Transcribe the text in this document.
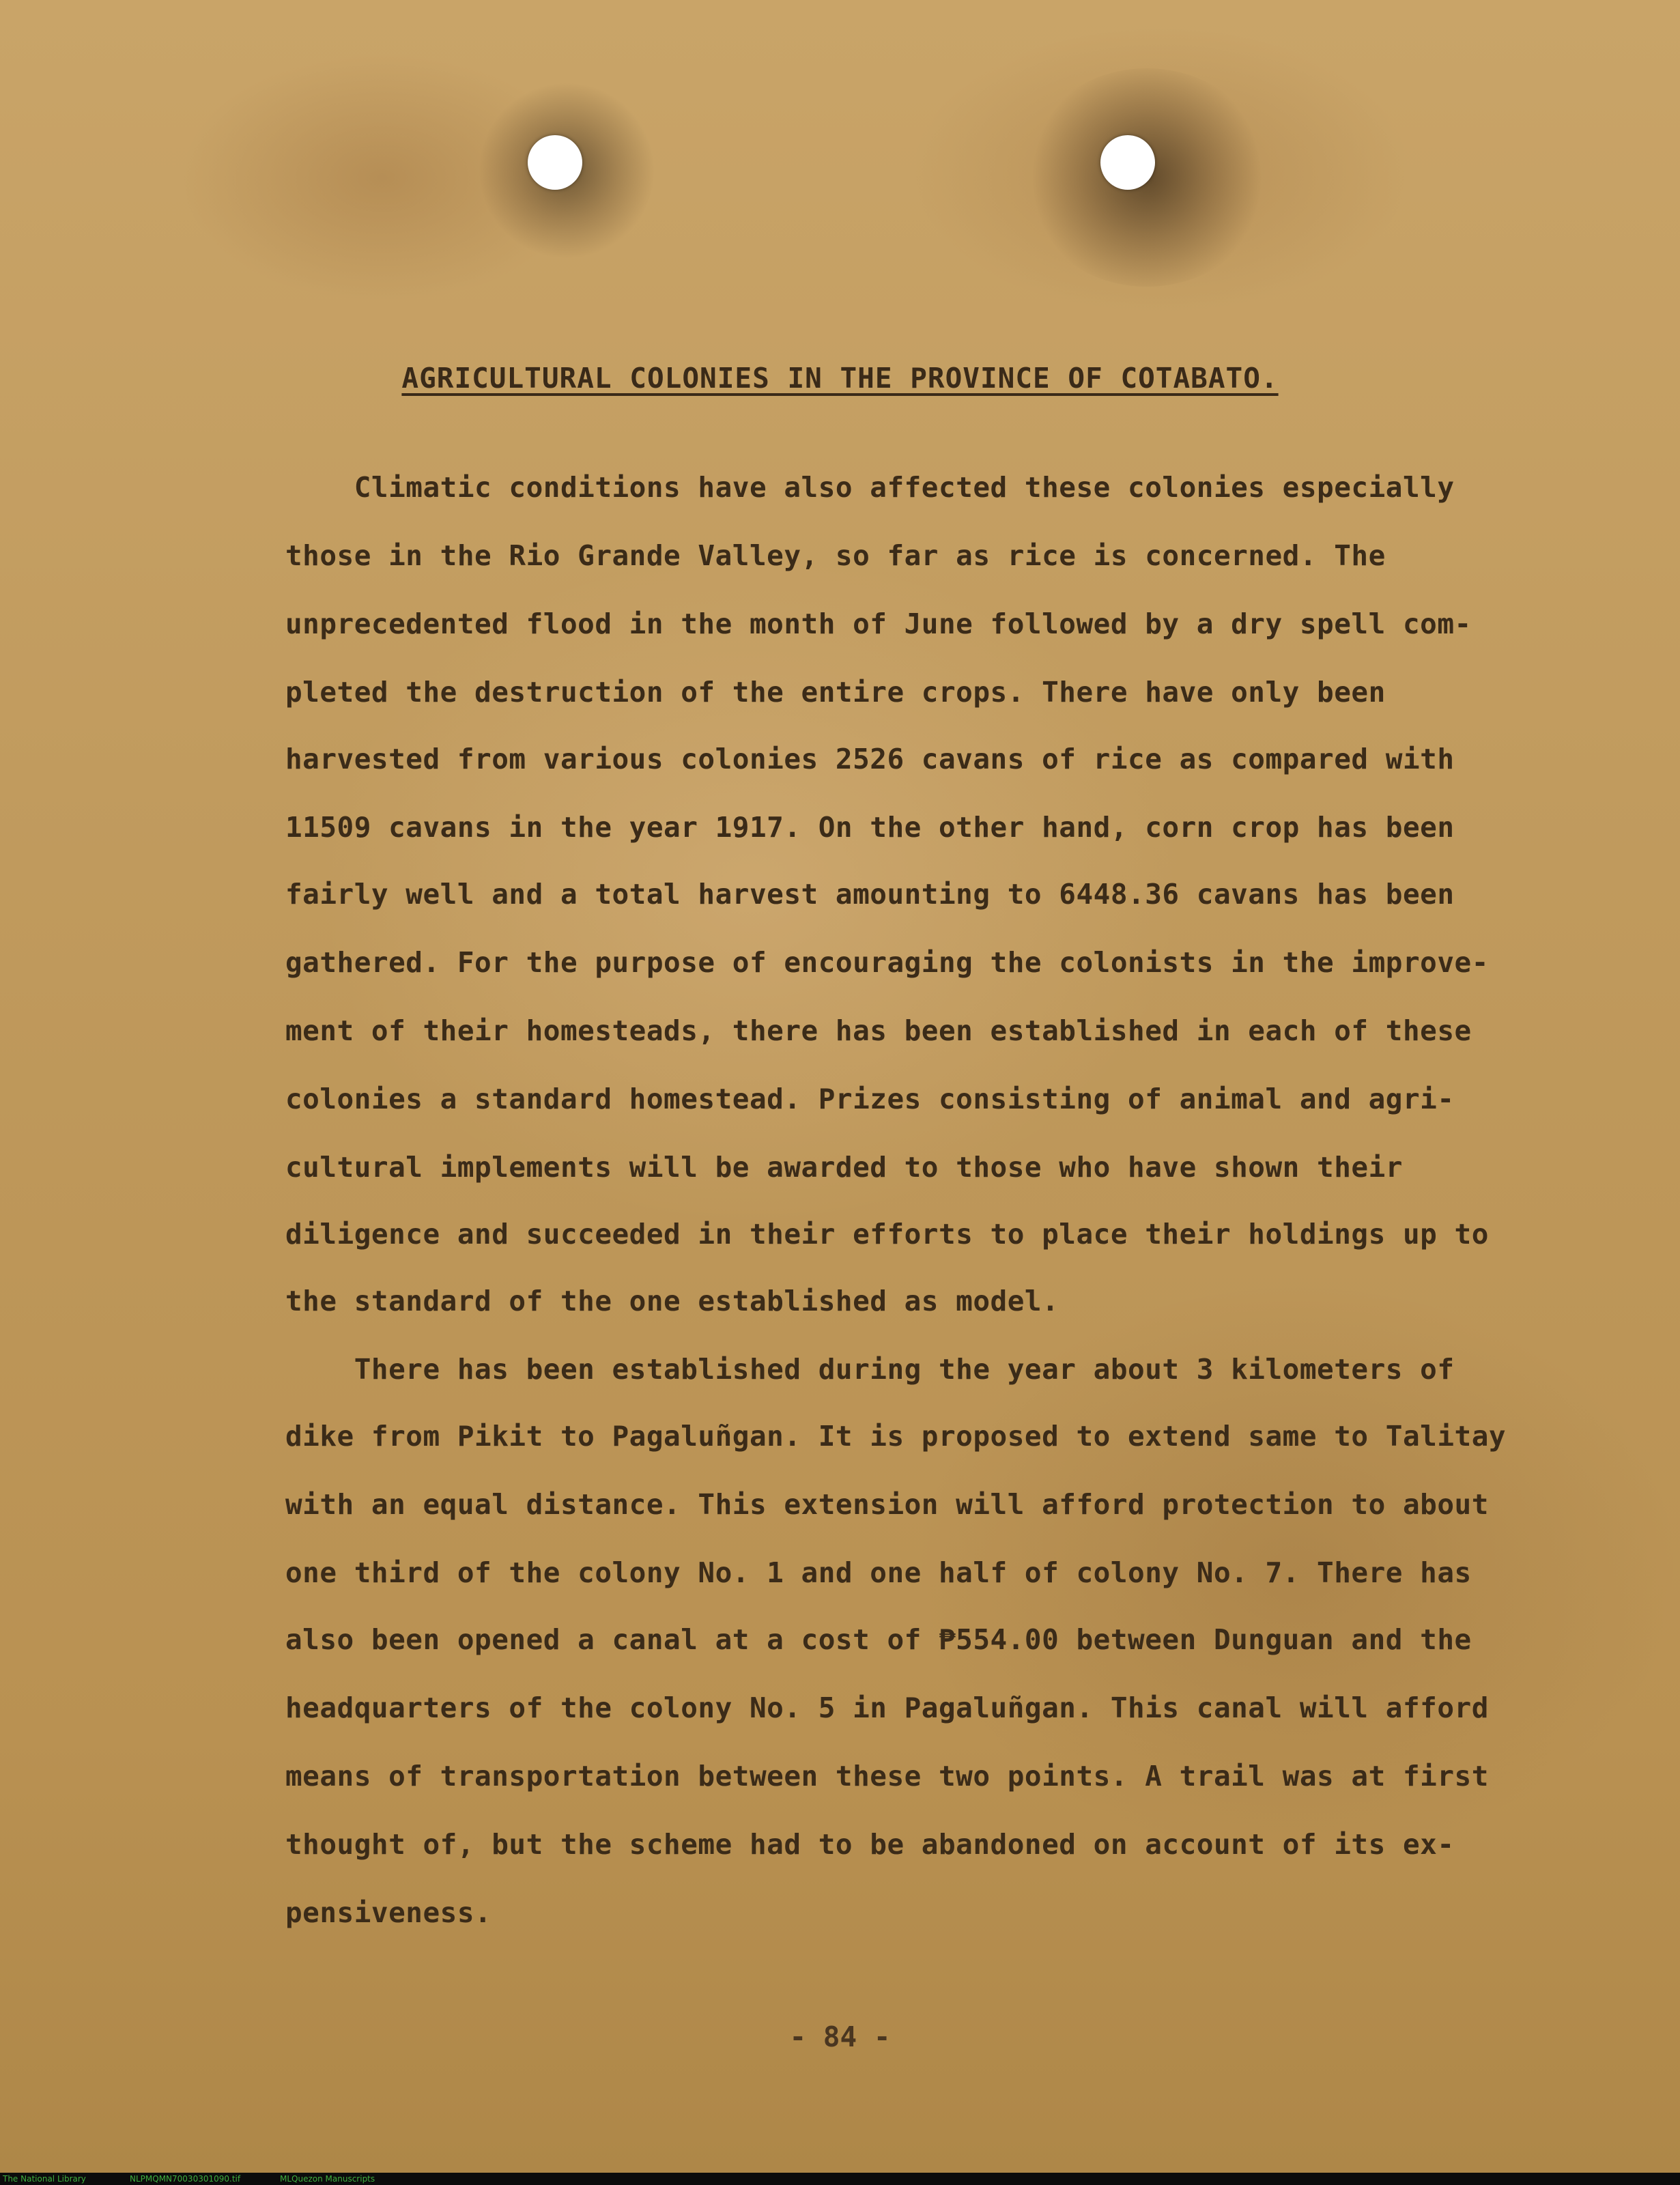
AGRICULTURAL COLONIES IN THE PROVINCE OF COTABATO.
Climatic conditions have also affected these colonies especially
those in the Rio Grande Valley, so far as rice is concerned. The
unprecedented flood in the month of June followed by a dry spell com-
pleted the destruction of the entire crops. There have only been
harvested from various colonies 2526 cavans of rice as compared with
11509 cavans in the year 1917. On the other hand, corn crop has been
fairly well and a total harvest amounting to 6448.36 cavans has been
gathered. For the purpose of encouraging the colonists in the improve-
ment of their homesteads, there has been established in each of these
colonies a standard homestead. Prizes consisting of animal and agri-
cultural implements will be awarded to those who have shown their
diligence and succeeded in their efforts to place their holdings up to
the standard of the one established as model.
There has been established during the year about 3 kilometers of
dike from Pikit to Pagaluñgan. It is proposed to extend same to Talitay
with an equal distance. This extension will afford protection to about
one third of the colony No. 1 and one half of colony No. 7. There has
also been opened a canal at a cost of ₱554.00 between Dunguan and the
headquarters of the colony No. 5 in Pagaluñgan. This canal will afford
means of transportation between these two points. A trail was at first
thought of, but the scheme had to be abandoned on account of its ex-
pensiveness.
- 84 -
The National Library	NLPMQMN70030301090.tif	MLQuezon Manuscripts
